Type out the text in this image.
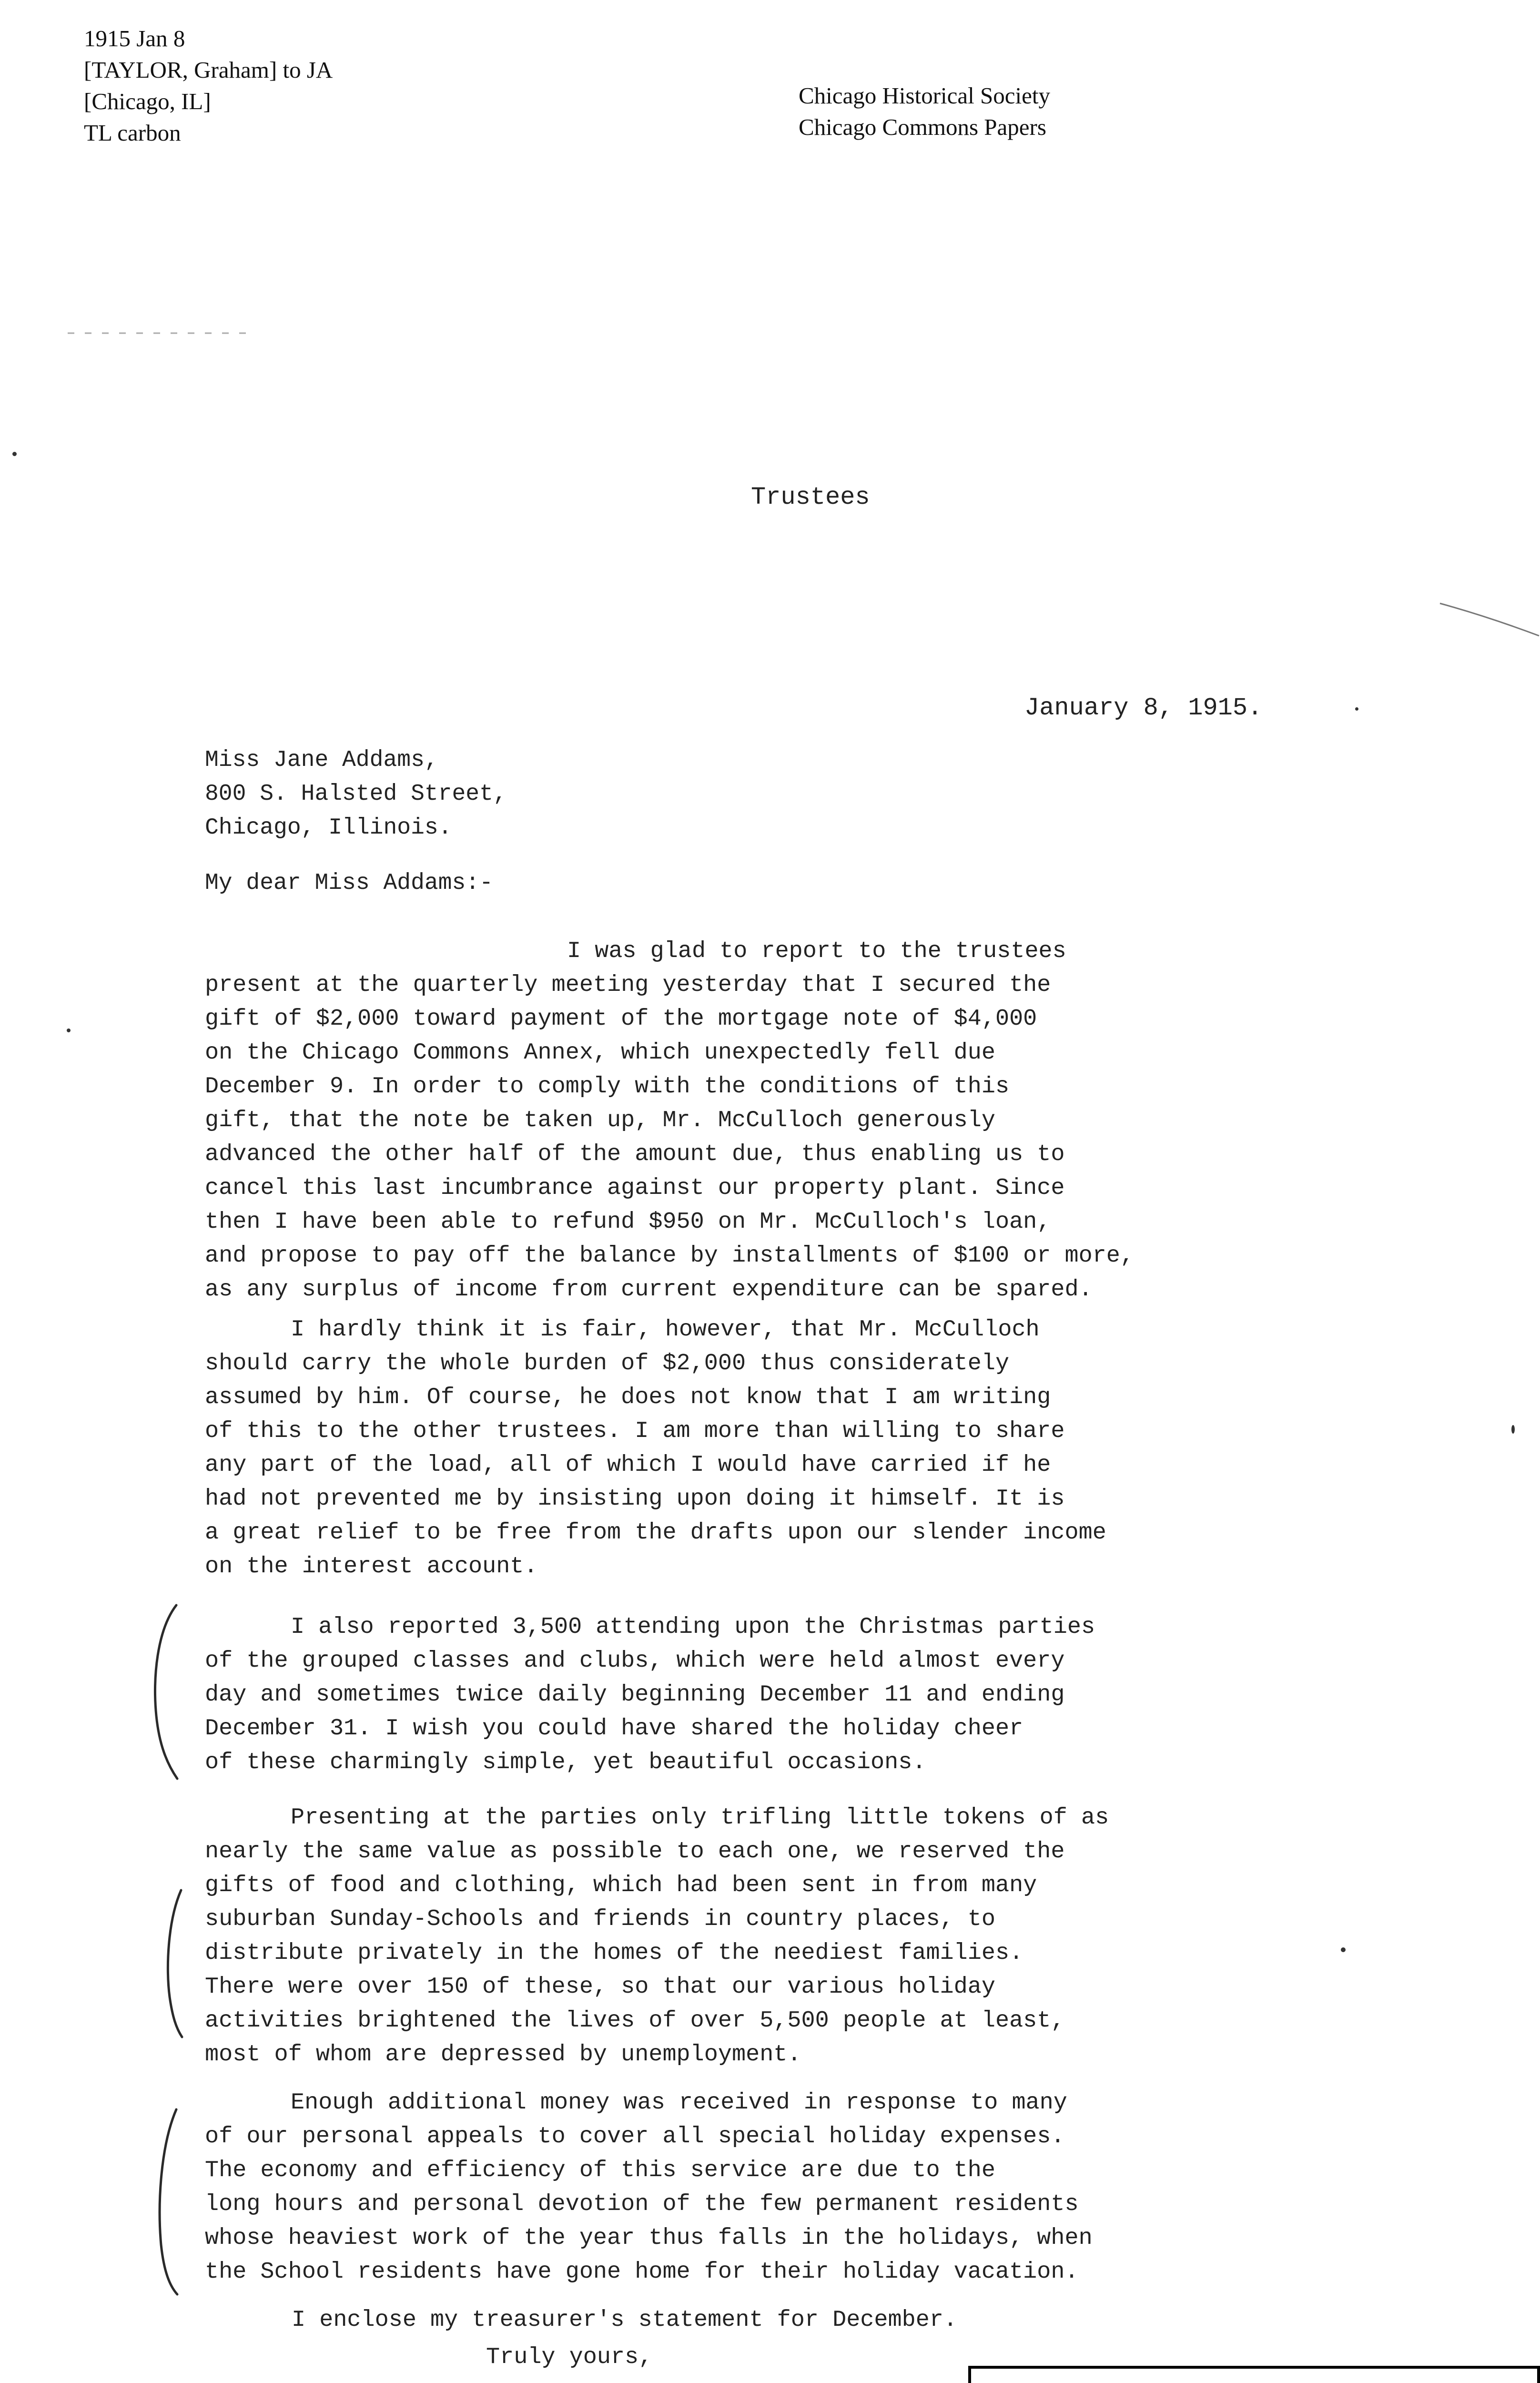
1915 Jan 8
[TAYLOR, Graham] to JA
[Chicago, IL]
TL carbon
Chicago Historical Society
Chicago Commons Papers
Trustees
January 8, 1915.
Miss Jane Addams,
800 S. Halsted Street,
Chicago, Illinois.
My dear Miss Addams:-
I was glad to report to the trustees
present at the quarterly meeting yesterday that I secured the
gift of $2,000 toward payment of the mortgage note of $4,000
on the Chicago Commons Annex, which unexpectedly fell due
December 9. In order to comply with the conditions of this
gift, that the note be taken up, Mr. McCulloch generously
advanced the other half of the amount due, thus enabling us to
cancel this last incumbrance against our property plant. Since
then I have been able to refund $950 on Mr. McCulloch's loan,
and propose to pay off the balance by installments of $100 or more,
as any surplus of income from current expenditure can be spared.
I hardly think it is fair, however, that Mr. McCulloch
should carry the whole burden of $2,000 thus considerately
assumed by him. Of course, he does not know that I am writing
of this to the other trustees. I am more than willing to share
any part of the load, all of which I would have carried if he
had not prevented me by insisting upon doing it himself. It is
a great relief to be free from the drafts upon our slender income
on the interest account.
I also reported 3,500 attending upon the Christmas parties
of the grouped classes and clubs, which were held almost every
day and sometimes twice daily beginning December 11 and ending
December 31. I wish you could have shared the holiday cheer
of these charmingly simple, yet beautiful occasions.
Presenting at the parties only trifling little tokens of as
nearly the same value as possible to each one, we reserved the
gifts of food and clothing, which had been sent in from many
suburban Sunday-Schools and friends in country places, to
distribute privately in the homes of the neediest families.
There were over 150 of these, so that our various holiday
activities brightened the lives of over 5,500 people at least,
most of whom are depressed by unemployment.
Enough additional money was received in response to many
of our personal appeals to cover all special holiday expenses.
The economy and efficiency of this service are due to the
long hours and personal devotion of the few permanent residents
whose heaviest work of the year thus falls in the holidays, when
the School residents have gone home for their holiday vacation.
I enclose my treasurer's statement for December.
Truly yours,
